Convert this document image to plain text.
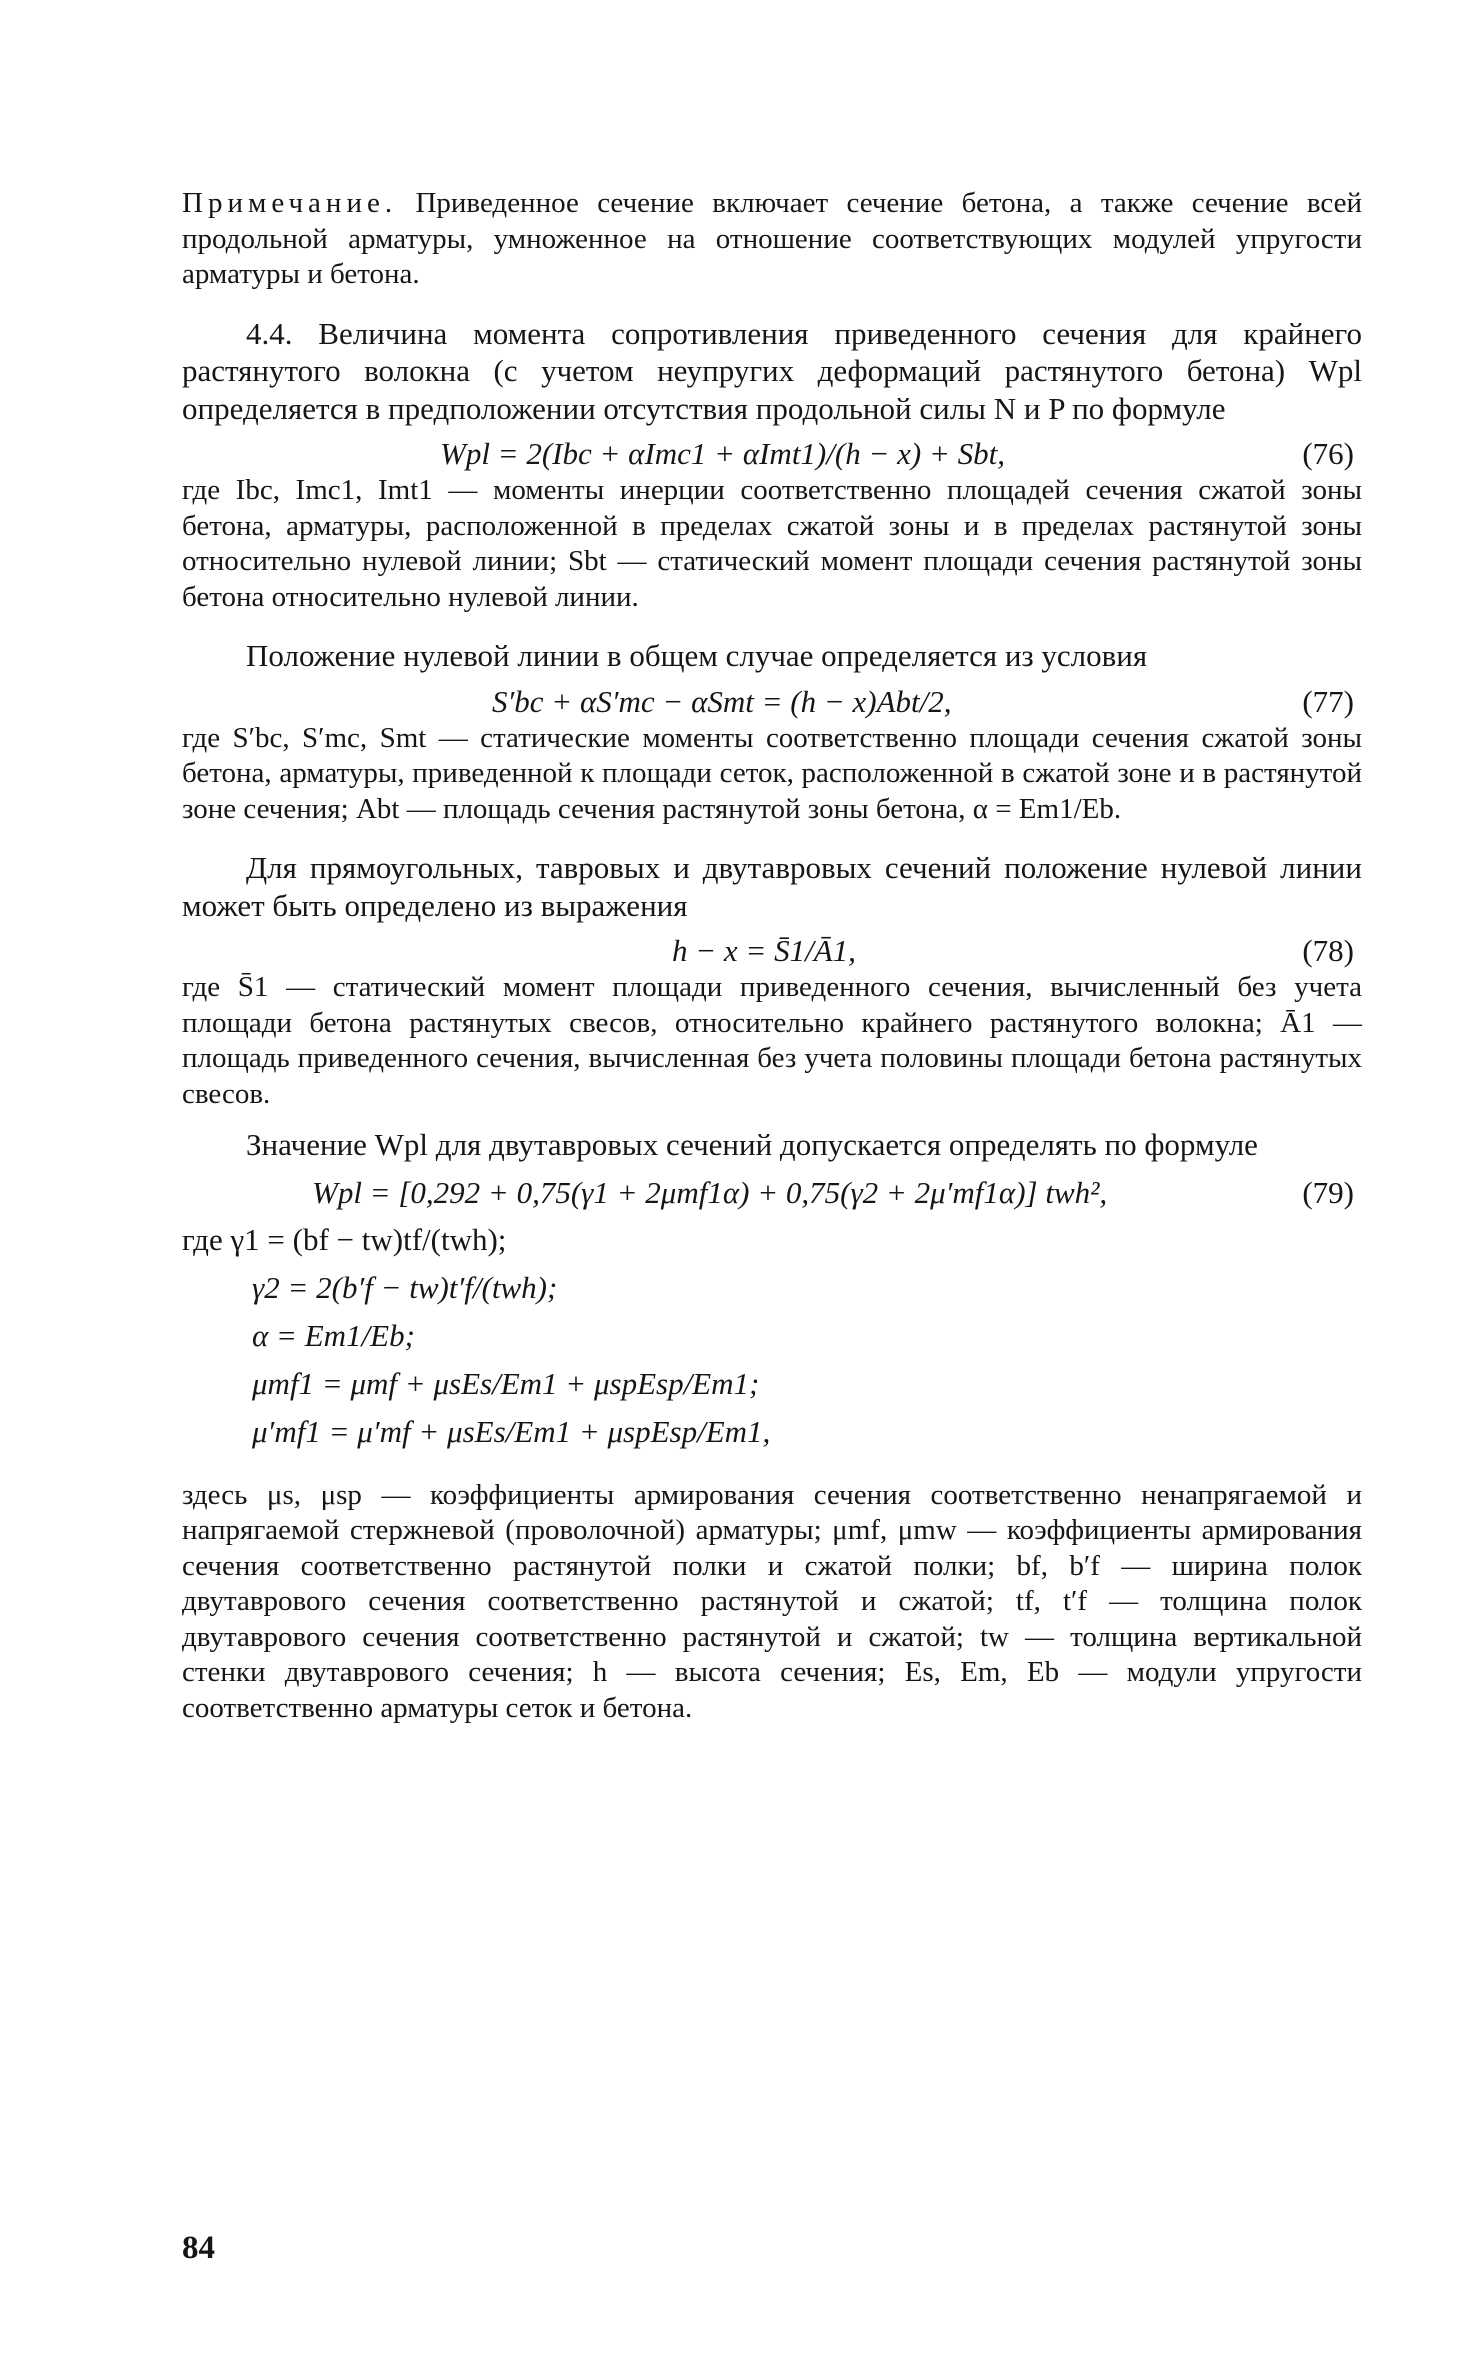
Примечание. Приведенное сечение включает сечение бетона, а также сечение всей продольной арматуры, умноженное на отношение соответствующих модулей упругости арматуры и бетона.

4.4. Величина момента сопротивления приведенного сечения для крайнего растянутого волокна (с учетом неупругих деформаций растянутого бетона) Wpl определяется в предположении отсутствия продольной силы N и P по формуле

Wpl = 2(Ibc + αImc1 + αImt1)/(h − x) + Sbt,	(76)

где Ibc, Imc1, Imt1 — моменты инерции соответственно площадей сечения сжатой зоны бетона, арматуры, расположенной в пределах сжатой зоны и в пределах растянутой зоны относительно нулевой линии; Sbt — статический момент площади сечения растянутой зоны бетона относительно нулевой линии.

Положение нулевой линии в общем случае определяется из условия

S′bc + αS′mc − αSmt = (h − x)Abt/2,	(77)

где S′bc, S′mc, Smt — статические моменты соответственно площади сечения сжатой зоны бетона, арматуры, приведенной к площади сеток, расположенной в сжатой зоне и в растянутой зоне сечения; Abt — площадь сечения растянутой зоны бетона, α = Em1/Eb.

Для прямоугольных, тавровых и двутавровых сечений положение нулевой линии может быть определено из выражения

h − x = S̄1/Ā1,	(78)

где S̄1 — статический момент площади приведенного сечения, вычисленный без учета площади бетона растянутых свесов, относительно крайнего растянутого волокна; Ā1 — площадь приведенного сечения, вычисленная без учета половины площади бетона растянутых свесов.

Значение Wpl для двутавровых сечений допускается определять по формуле

Wpl = [0,292 + 0,75(γ1 + 2μmf1α) + 0,75(γ2 + 2μ′mf1α)] twh²,	(79)
где γ1 = (bf − tw)tf/(twh);
γ2 = 2(b′f − tw)t′f/(twh);
α = Em1/Eb;
μmf1 = μmf + μsEs/Em1 + μspEsp/Em1;
μ′mf1 = μ′mf + μsEs/Em1 + μspEsp/Em1,

здесь μs, μsp — коэффициенты армирования сечения соответственно ненапрягаемой и напрягаемой стержневой (проволочной) арматуры; μmf, μmw — коэффициенты армирования сечения соответственно растянутой полки и сжатой полки; bf, b′f — ширина полок двутаврового сечения соответственно растянутой и сжатой; tf, t′f — толщина полок двутаврового сечения соответственно растянутой и сжатой; tw — толщина вертикальной стенки двутаврового сечения; h — высота сечения; Es, Em, Eb — модули упругости соответственно арматуры сеток и бетона.

84
